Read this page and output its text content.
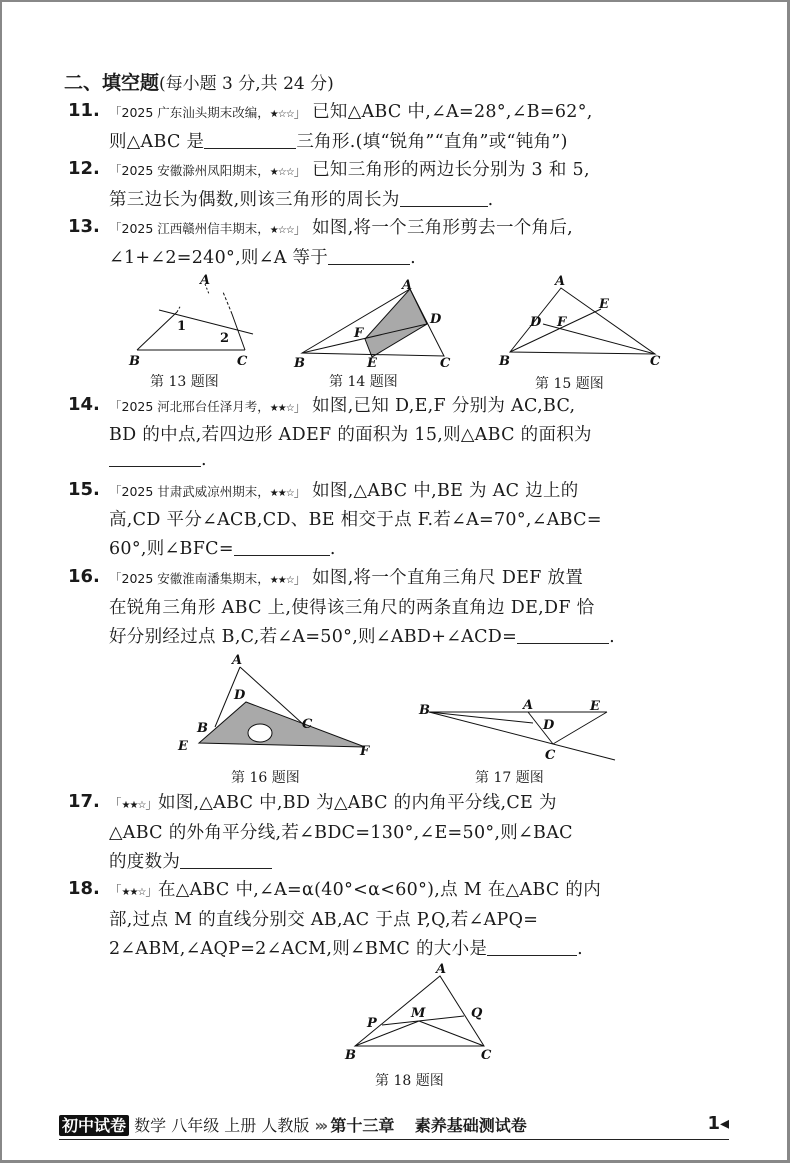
二、填空题(每小题 3 分,共 24 分)
11. 「2025 广东汕头期末改编，★☆☆」 已知△ABC 中,∠A=28°,∠B=62°,
则△ABC 是	三角形.(填“锐角”“直角”或“钝角”)
12. 「2025 安徽滁州凤阳期末，★☆☆」 已知三角形的两边长分别为 3 和 5,
第三边长为偶数,则该三角形的周长为	.
13. 「2025 江西赣州信丰期末，★☆☆」 如图,将一个三角形剪去一个角后,
∠1+∠2=240°,则∠A 等于	.
A
B	C
1
2
第 13 题图
A
B	C
D
E
F
第 14 题图
A
B	C
D
E
F
第 15 题图
14. 「2025 河北邢台任泽月考，★★☆」 如图,已知 D,E,F 分别为 AC,BC,
BD 的中点,若四边形 ADEF 的面积为 15,则△ABC 的面积为
.
15. 「2025 甘肃武威凉州期末，★★☆」 如图,△ABC 中,BE 为 AC 边上的
高,CD 平分∠ACB,CD、BE 相交于点 F.若∠A=70°,∠ABC=
60°,则∠BFC=	.
16. 「2025 安徽淮南潘集期末，★★☆」 如图,将一个直角三角尺 DEF 放置
在锐角三角形 ABC 上,使得该三角尺的两条直角边 DE,DF 恰
好分别经过点 B,C,若∠A=50°,则∠ABD+∠ACD=	.
A
B	C
D
E	F
第 16 题图
A
B
C
D
E
第 17 题图
17. 「★★☆」如图,△ABC 中,BD 为△ABC 的内角平分线,CE 为
△ABC 的外角平分线,若∠BDC=130°,∠E=50°,则∠BAC
的度数为
18. 「★★☆」在△ABC 中,∠A=α(40°<α<60°),点 M 在△ABC 的内
部,过点 M 的直线分别交 AB,AC 于点 P,Q,若∠APQ=
2∠ABM,∠AQP=2∠ACM,则∠BMC 的大小是	.
A
B	C
M
P
Q
第 18 题图
初中试卷 数学 八年级 上册 人教版 ››› 第十三章 素养基础测试卷	1◂
